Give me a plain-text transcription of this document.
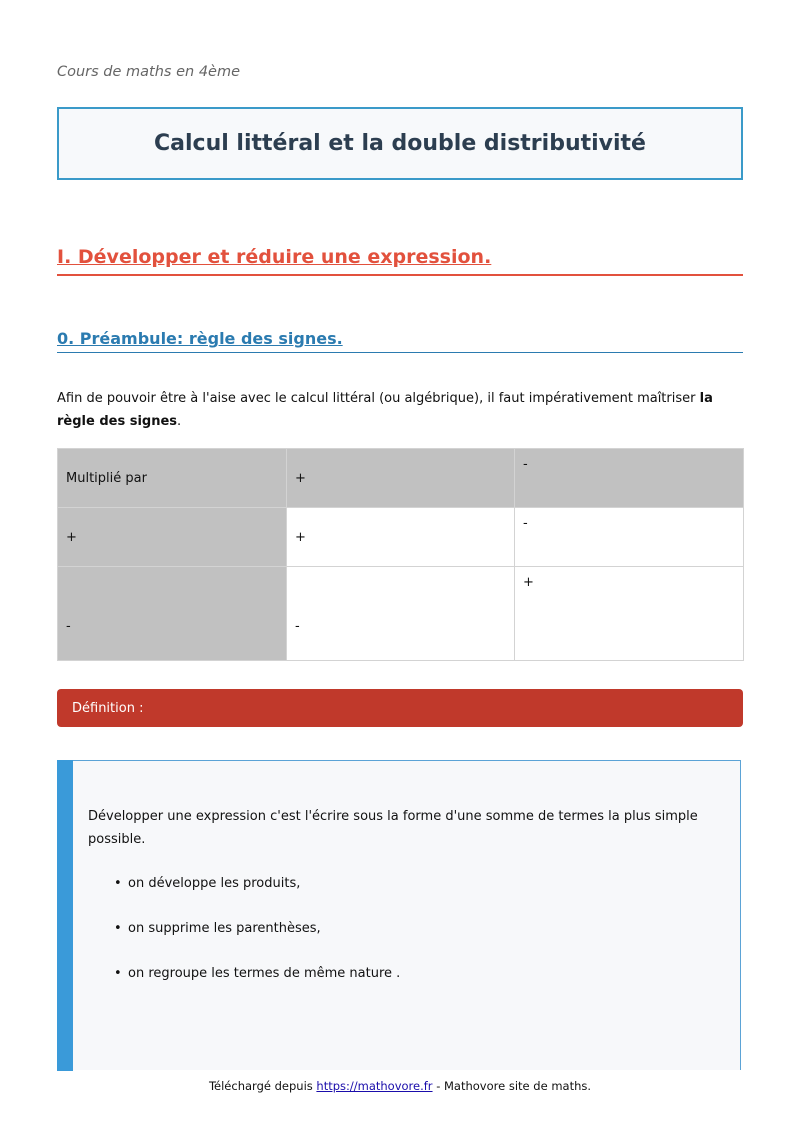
Cours de maths en 4ème
Calcul littéral et la double distributivité
I. Développer et réduire une expression.
0. Préambule: règle des signes.
Afin de pouvoir être à l'aise avec le calcul littéral (ou algébrique), il faut impérativement maîtriser la règle des signes.
Multiplié par	+	-
+	+	-
-	-	+
Définition :
Développer une expression c'est l'écrire sous la forme d'une somme de termes la plus simple possible.
• on développe les produits,
• on supprime les parenthèses,
• on regroupe les termes de même nature .
Téléchargé depuis https://mathovore.fr - Mathovore site de maths.
